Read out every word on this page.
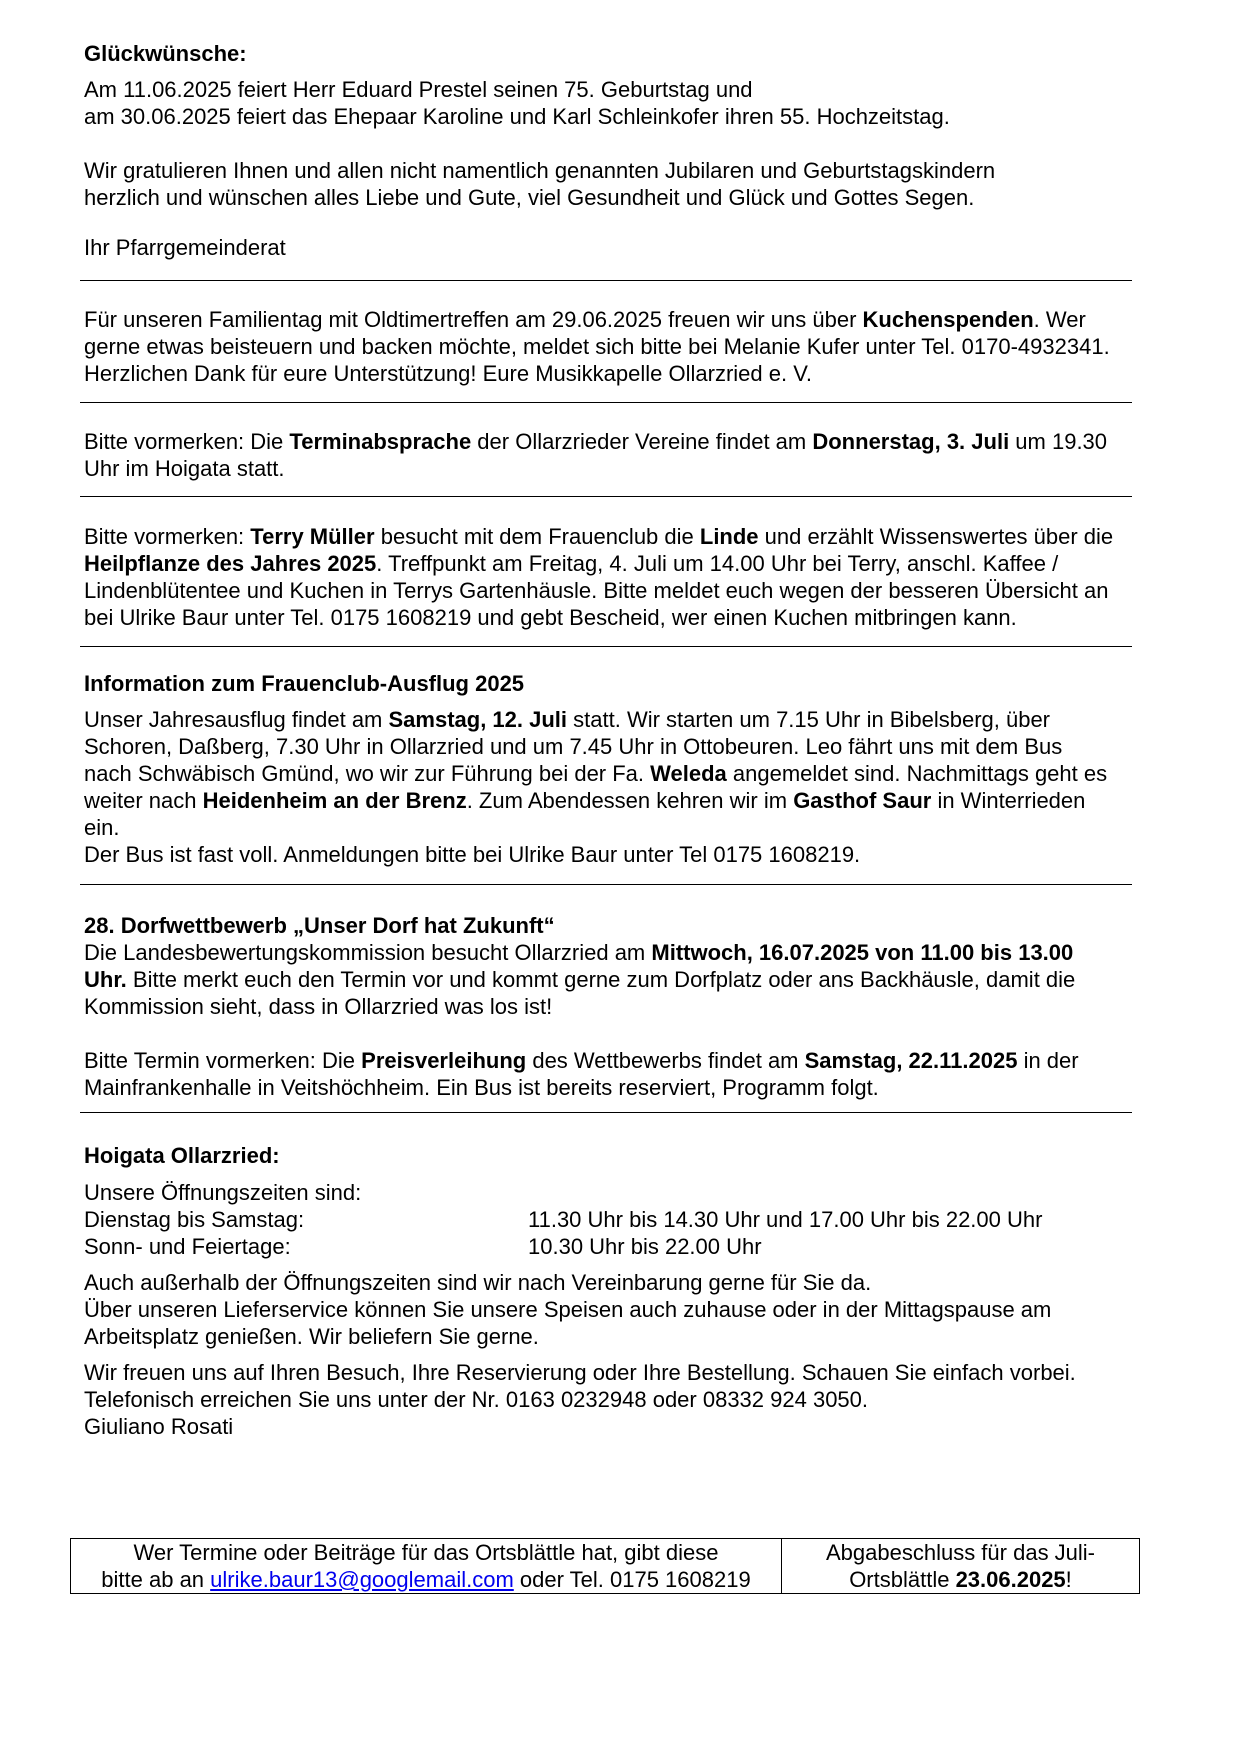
Glückwünsche:

Am 11.06.2025 feiert Herr Eduard Prestel seinen 75. Geburtstag und

am 30.06.2025 feiert das Ehepaar Karoline und Karl Schleinkofer ihren 55. Hochzeitstag.

Wir gratulieren Ihnen und allen nicht namentlich genannten Jubilaren und Geburtstagskindern

herzlich und wünschen alles Liebe und Gute, viel Gesundheit und Glück und Gottes Segen.

Ihr Pfarrgemeinderat

Für unseren Familientag mit Oldtimertreffen am 29.06.2025 freuen wir uns über Kuchenspenden. Wer

gerne etwas beisteuern und backen möchte, meldet sich bitte bei Melanie Kufer unter Tel. 0170-4932341.

Herzlichen Dank für eure Unterstützung! Eure Musikkapelle Ollarzried e. V.

Bitte vormerken: Die Terminabsprache der Ollarzrieder Vereine findet am Donnerstag, 3. Juli um 19.30

Uhr im Hoigata statt.

Bitte vormerken: Terry Müller besucht mit dem Frauenclub die Linde und erzählt Wissenswertes über die

Heilpflanze des Jahres 2025. Treffpunkt am Freitag, 4. Juli um 14.00 Uhr bei Terry, anschl. Kaffee /

Lindenblütentee und Kuchen in Terrys Gartenhäusle. Bitte meldet euch wegen der besseren Übersicht an

bei Ulrike Baur unter Tel. 0175 1608219 und gebt Bescheid, wer einen Kuchen mitbringen kann.

Information zum Frauenclub-Ausflug 2025

Unser Jahresausflug findet am Samstag, 12. Juli statt. Wir starten um 7.15 Uhr in Bibelsberg, über

Schoren, Daßberg, 7.30 Uhr in Ollarzried und um 7.45 Uhr in Ottobeuren. Leo fährt uns mit dem Bus

nach Schwäbisch Gmünd, wo wir zur Führung bei der Fa. Weleda angemeldet sind. Nachmittags geht es

weiter nach Heidenheim an der Brenz. Zum Abendessen kehren wir im Gasthof Saur in Winterrieden

ein.

Der Bus ist fast voll. Anmeldungen bitte bei Ulrike Baur unter Tel 0175 1608219.

28. Dorfwettbewerb „Unser Dorf hat Zukunft“

Die Landesbewertungskommission besucht Ollarzried am Mittwoch, 16.07.2025 von 11.00 bis 13.00

Uhr. Bitte merkt euch den Termin vor und kommt gerne zum Dorfplatz oder ans Backhäusle, damit die

Kommission sieht, dass in Ollarzried was los ist!

Bitte Termin vormerken: Die Preisverleihung des Wettbewerbs findet am Samstag, 22.11.2025 in der

Mainfrankenhalle in Veitshöchheim. Ein Bus ist bereits reserviert, Programm folgt.

Hoigata Ollarzried:

Unsere Öffnungszeiten sind:

Dienstag bis Samstag:	11.30 Uhr bis 14.30 Uhr und 17.00 Uhr bis 22.00 Uhr
Sonn- und Feiertage:	10.30 Uhr bis 22.00 Uhr

Auch außerhalb der Öffnungszeiten sind wir nach Vereinbarung gerne für Sie da.

Über unseren Lieferservice können Sie unsere Speisen auch zuhause oder in der Mittagspause am

Arbeitsplatz genießen. Wir beliefern Sie gerne.

Wir freuen uns auf Ihren Besuch, Ihre Reservierung oder Ihre Bestellung. Schauen Sie einfach vorbei.

Telefonisch erreichen Sie uns unter der Nr. 0163 0232948 oder 08332 924 3050.

Giuliano Rosati

Wer Termine oder Beiträge für das Ortsblättle hat, gibt diese

bitte ab an ulrike.baur13@googlemail.com oder Tel. 0175 1608219

Abgabeschluss für das Juli-

Ortsblättle 23.06.2025!
